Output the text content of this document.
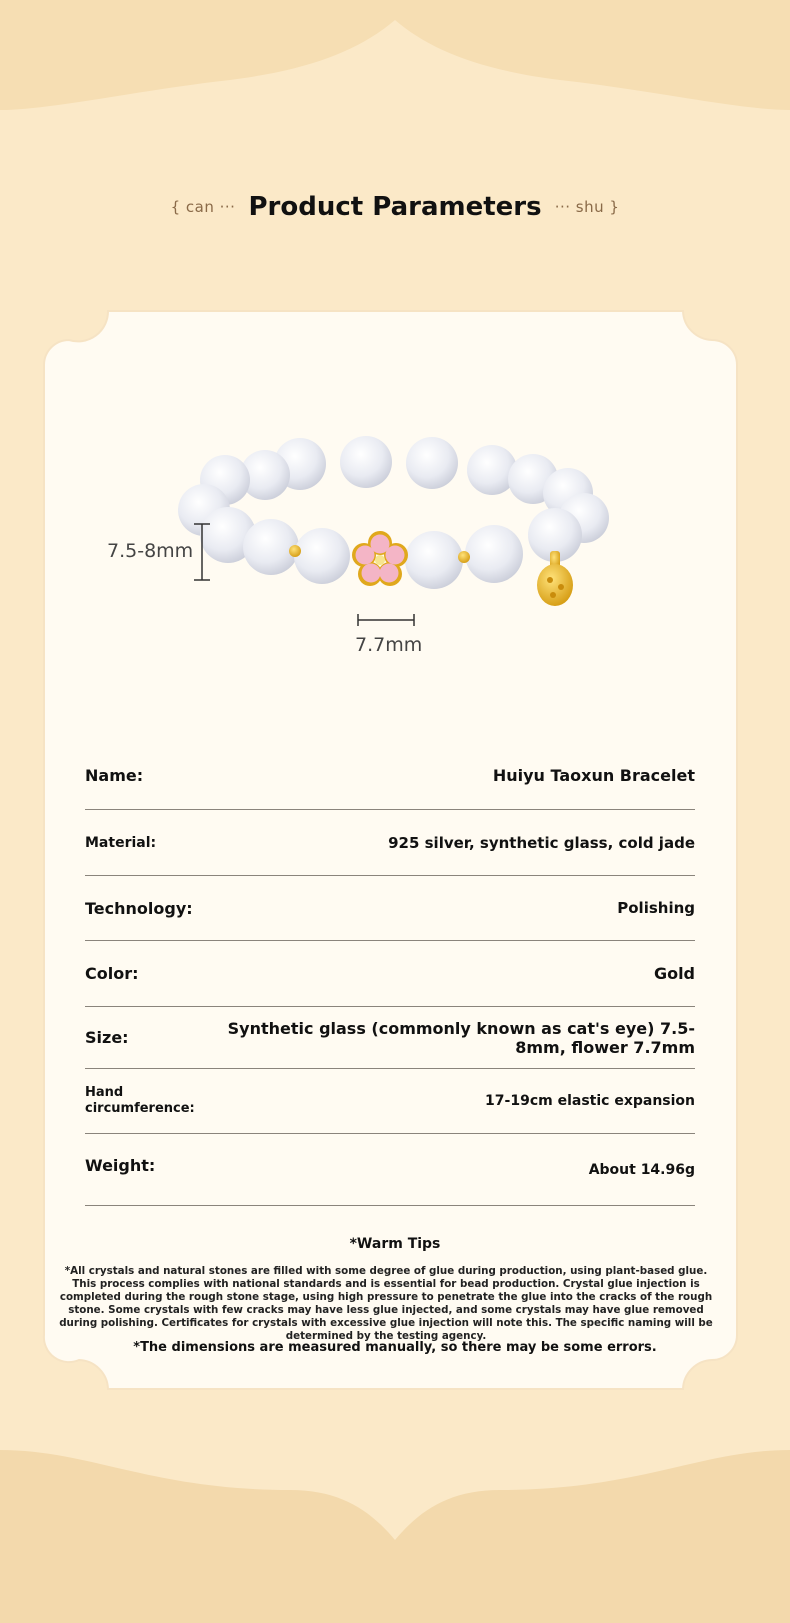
{ can ··· Product Parameters ··· shu }
7.5-8mm
7.7mm
Name:	Huiyu Taoxun Bracelet
Material:	925 silver, synthetic glass, cold jade
Technology:	Polishing
Color:	Gold
Size:	Synthetic glass (commonly known as cat's eye) 7.5-8mm, flower 7.7mm
Hand circumference:	17-19cm elastic expansion
Weight:	About 14.96g
*Warm Tips
*All crystals and natural stones are filled with some degree of glue during production, using plant-based glue. This process complies with national standards and is essential for bead production. Crystal glue injection is completed during the rough stone stage, using high pressure to penetrate the glue into the cracks of the rough stone. Some crystals with few cracks may have less glue injected, and some crystals may have glue removed during polishing. Certificates for crystals with excessive glue injection will note this. The specific naming will be determined by the testing agency.
*The dimensions are measured manually, so there may be some errors.
